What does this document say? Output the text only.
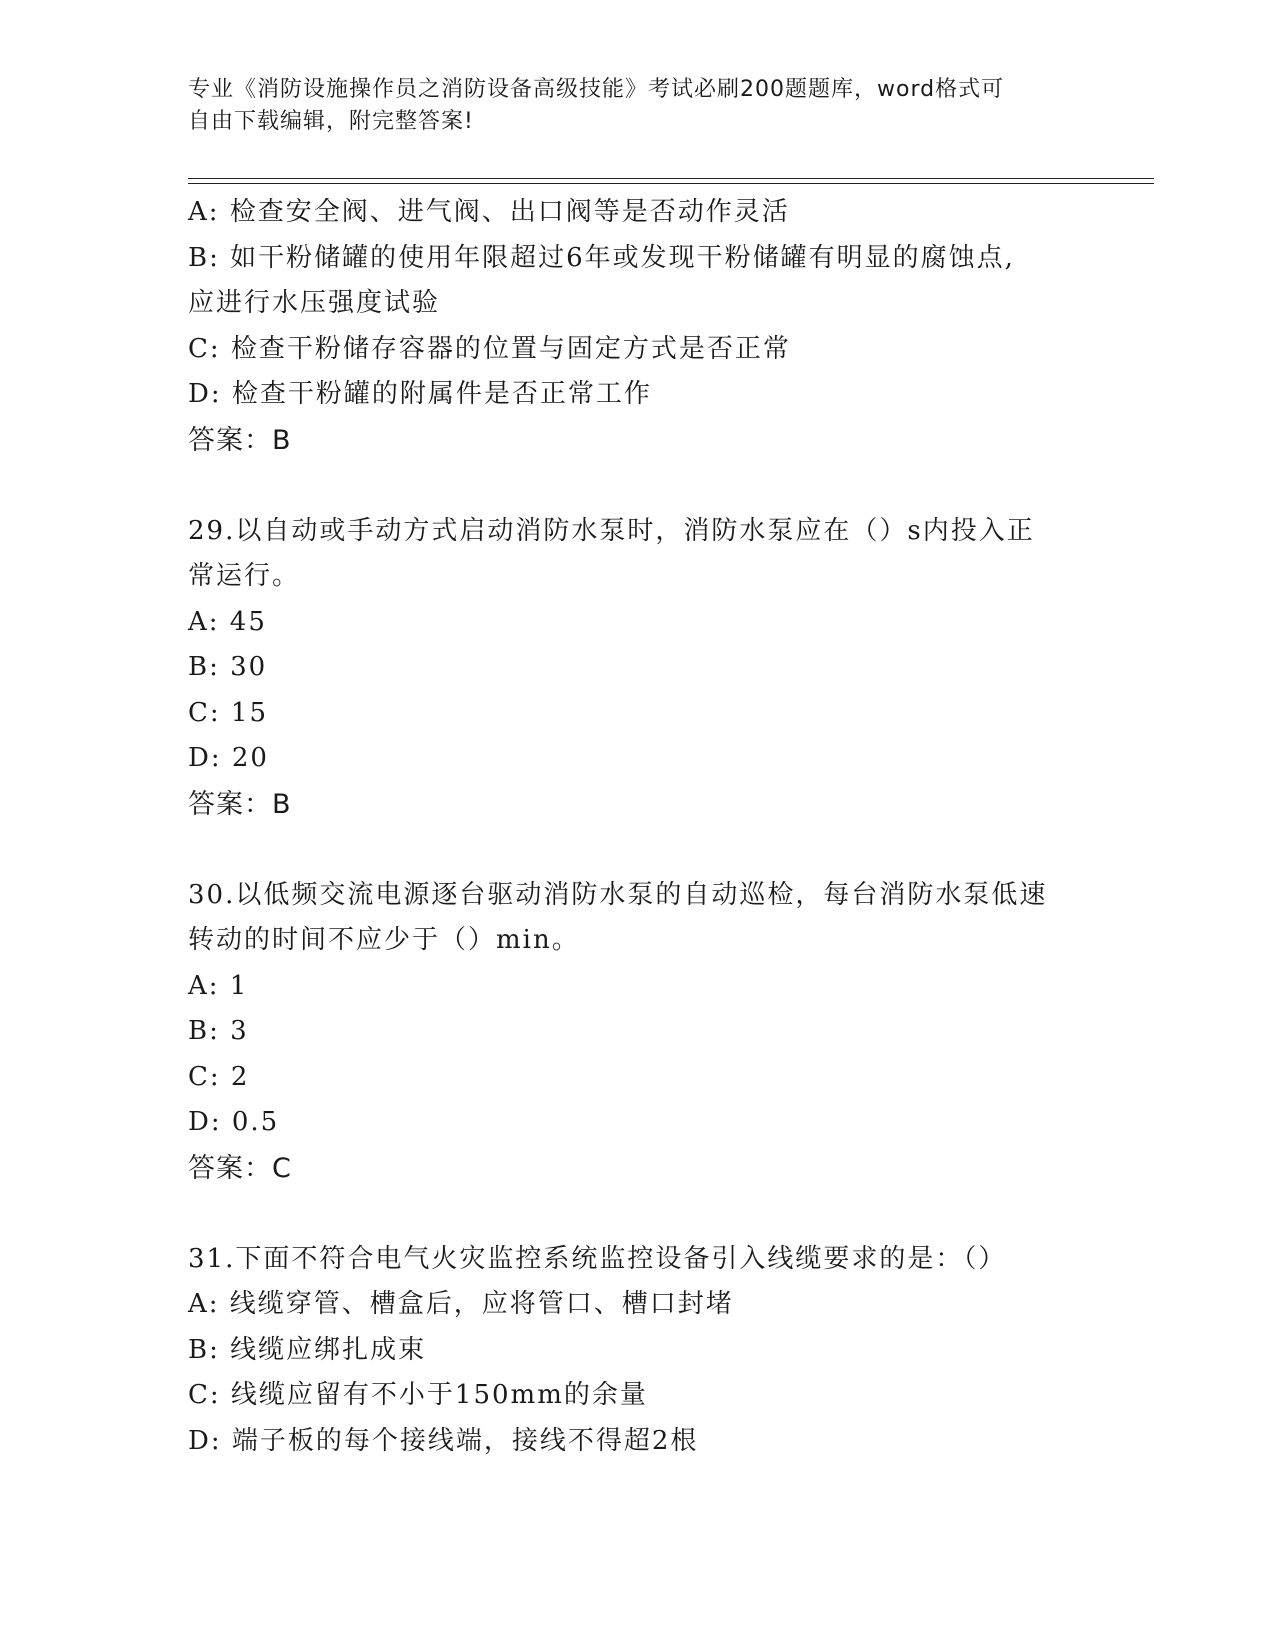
专业《消防设施操作员之消防设备高级技能》考试必刷200题题库，word格式可
自由下载编辑，附完整答案!
A: 检查安全阀、进气阀、出口阀等是否动作灵活
B: 如干粉储罐的使用年限超过6年或发现干粉储罐有明显的腐蚀点,
应进行水压强度试验
C: 检查干粉储存容器的位置与固定方式是否正常
D: 检查干粉罐的附属件是否正常工作
答案：B
29.以自动或手动方式启动消防水泵时，消防水泵应在（）s内投入正
常运行。
A: 45
B: 30
C: 15
D: 20
答案：B
30.以低频交流电源逐台驱动消防水泵的自动巡检，每台消防水泵低速
转动的时间不应少于（）min。
A: 1
B: 3
C: 2
D: 0.5
答案：C
31.下面不符合电气火灾监控系统监控设备引入线缆要求的是：（）
A: 线缆穿管、槽盒后，应将管口、槽口封堵
B: 线缆应绑扎成束
C: 线缆应留有不小于150mm的余量
D: 端子板的每个接线端，接线不得超2根
